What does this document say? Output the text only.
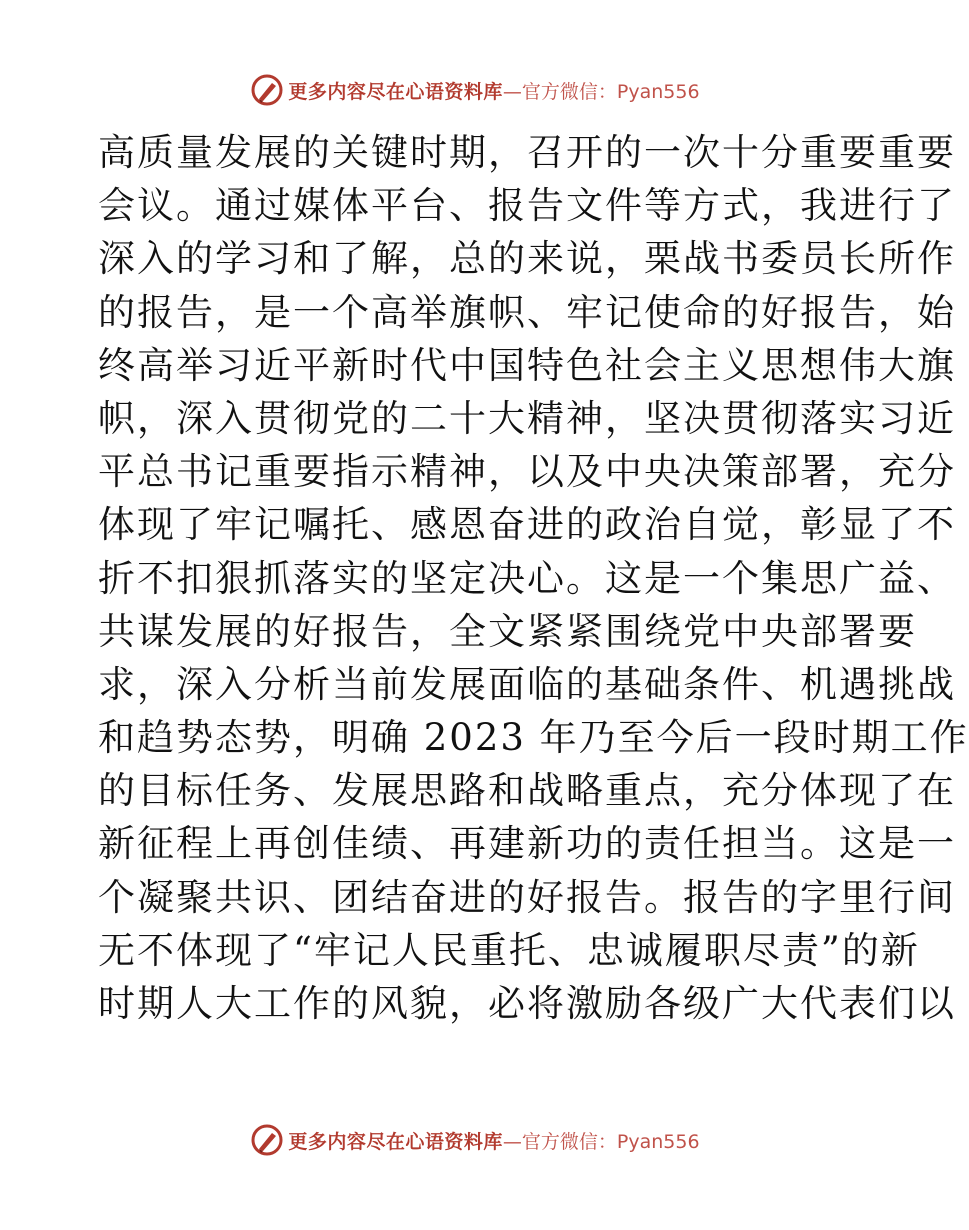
更多内容尽在心语资料库 —官方微信：Pyan556
高质量发展的关键时期，召开的一次十分重要重要
会议。通过媒体平台、报告文件等方式，我进行了
深入的学习和了解，总的来说，栗战书委员长所作
的报告，是一个高举旗帜、牢记使命的好报告，始
终高举习近平新时代中国特色社会主义思想伟大旗
帜，深入贯彻党的二十大精神，坚决贯彻落实习近
平总书记重要指示精神，以及中央决策部署，充分
体现了牢记嘱托、感恩奋进的政治自觉，彰显了不
折不扣狠抓落实的坚定决心。这是一个集思广益、
共谋发展的好报告，全文紧紧围绕党中央部署要
求，深入分析当前发展面临的基础条件、机遇挑战
和趋势态势，明确 2023 年乃至今后一段时期工作
的目标任务、发展思路和战略重点，充分体现了在
新征程上再创佳绩、再建新功的责任担当。这是一
个凝聚共识、团结奋进的好报告。报告的字里行间
无不体现了“牢记人民重托、忠诚履职尽责”的新
时期人大工作的风貌，必将激励各级广大代表们以
更多内容尽在心语资料库 —官方微信：Pyan556
